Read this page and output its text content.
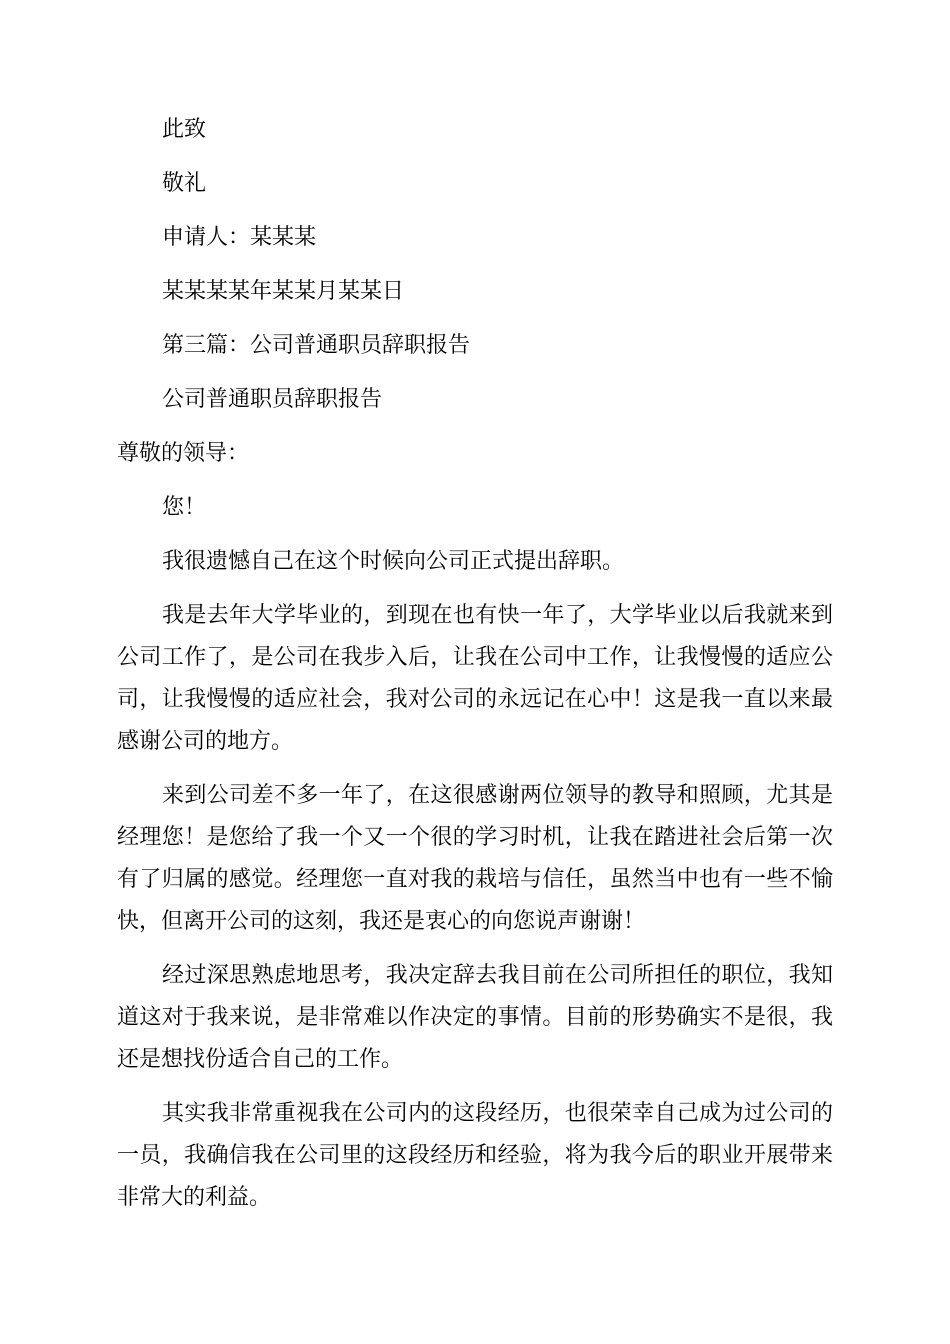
此致

敬礼

申请人：某某某

某某某某年某某月某某日

第三篇：公司普通职员辞职报告

公司普通职员辞职报告

尊敬的领导：

您！

我很遗憾自己在这个时候向公司正式提出辞职。

我是去年大学毕业的，到现在也有快一年了，大学毕业以后我就来到公司工作了，是公司在我步入后，让我在公司中工作，让我慢慢的适应公司，让我慢慢的适应社会，我对公司的永远记在心中！这是我一直以来最感谢公司的地方。

来到公司差不多一年了，在这很感谢两位领导的教导和照顾，尤其是经理您！是您给了我一个又一个很的学习时机，让我在踏进社会后第一次有了归属的感觉。经理您一直对我的栽培与信任，虽然当中也有一些不愉快，但离开公司的这刻，我还是衷心的向您说声谢谢！

经过深思熟虑地思考，我决定辞去我目前在公司所担任的职位，我知道这对于我来说，是非常难以作决定的事情。目前的形势确实不是很，我还是想找份适合自己的工作。

其实我非常重视我在公司内的这段经历，也很荣幸自己成为过公司的一员，我确信我在公司里的这段经历和经验，将为我今后的职业开展带来非常大的利益。
